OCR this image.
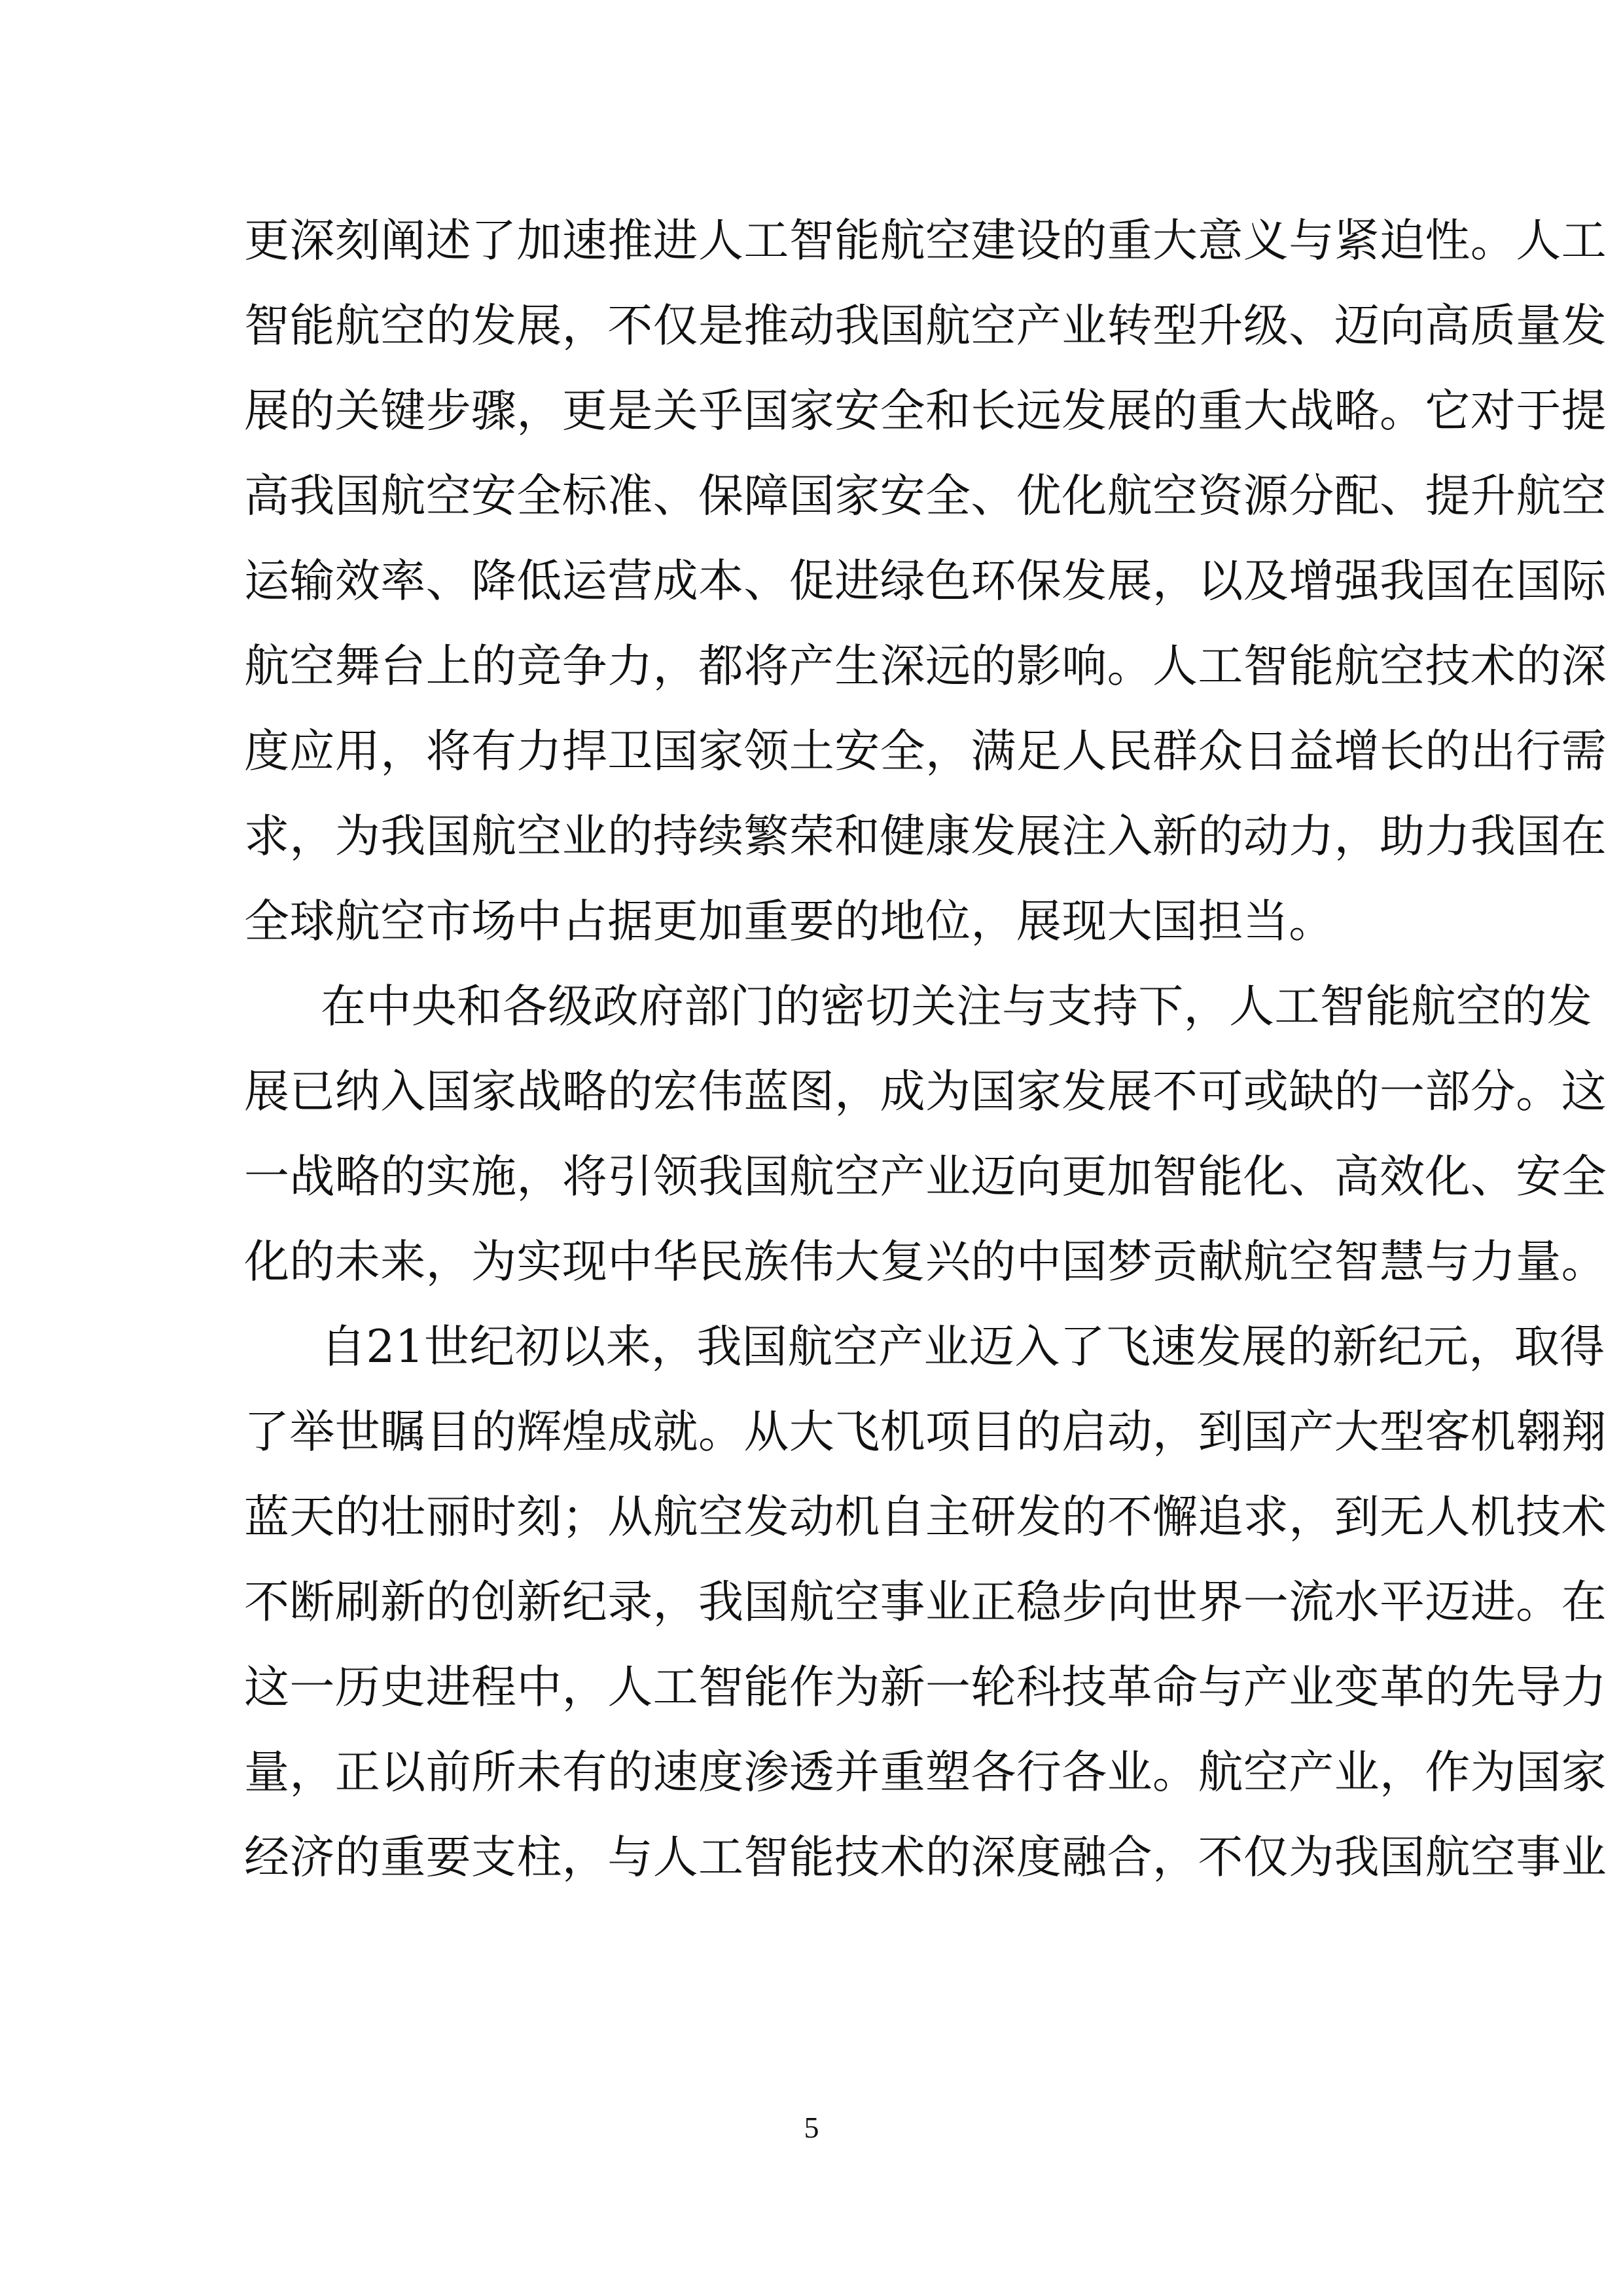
更深刻阐述了加速推进人工智能航空建设的重大意义与紧迫性。人工
智能航空的发展，不仅是推动我国航空产业转型升级、迈向高质量发
展的关键步骤，更是关乎国家安全和长远发展的重大战略。它对于提
高我国航空安全标准、保障国家安全、优化航空资源分配、提升航空
运输效率、降低运营成本、促进绿色环保发展，以及增强我国在国际
航空舞台上的竞争力，都将产生深远的影响。人工智能航空技术的深
度应用，将有力捍卫国家领土安全，满足人民群众日益增长的出行需
求，为我国航空业的持续繁荣和健康发展注入新的动力，助力我国在
全球航空市场中占据更加重要的地位，展现大国担当。
在中央和各级政府部门的密切关注与支持下，人工智能航空的发
展已纳入国家战略的宏伟蓝图，成为国家发展不可或缺的一部分。这
一战略的实施，将引领我国航空产业迈向更加智能化、高效化、安全
化的未来，为实现中华民族伟大复兴的中国梦贡献航空智慧与力量。
自21世纪初以来，我国航空产业迈入了飞速发展的新纪元，取得
了举世瞩目的辉煌成就。从大飞机项目的启动，到国产大型客机翱翔
蓝天的壮丽时刻；从航空发动机自主研发的不懈追求，到无人机技术
不断刷新的创新纪录，我国航空事业正稳步向世界一流水平迈进。在
这一历史进程中，人工智能作为新一轮科技革命与产业变革的先导力
量，正以前所未有的速度渗透并重塑各行各业。航空产业，作为国家
经济的重要支柱，与人工智能技术的深度融合，不仅为我国航空事业
5
